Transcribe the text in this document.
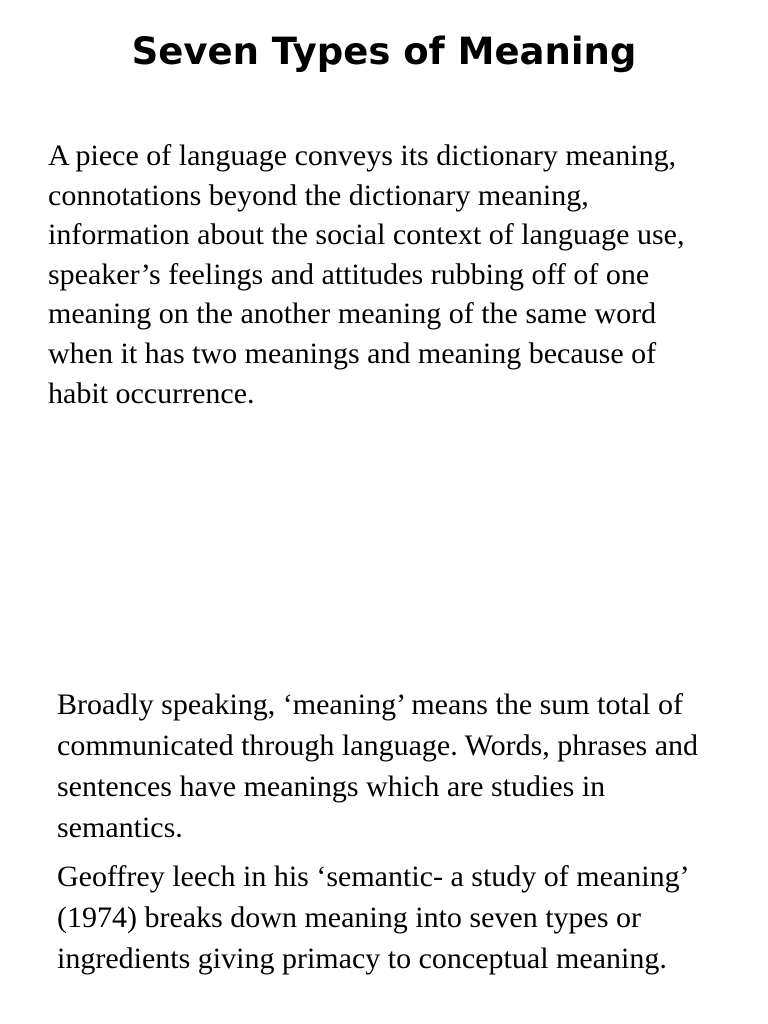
Seven Types of Meaning

A piece of language conveys its dictionary meaning, connotations beyond the dictionary meaning, information about the social context of language use, speaker’s feelings and attitudes rubbing off of one meaning on the another meaning of the same word when it has two meanings and meaning because of habit occurrence.

Broadly speaking, ‘meaning’ means the sum total of communicated through language. Words, phrases and sentences have meanings which are studies in semantics.

Geoffrey leech in his ‘semantic- a study of meaning’ (1974) breaks down meaning into seven types or ingredients giving primacy to conceptual meaning.
